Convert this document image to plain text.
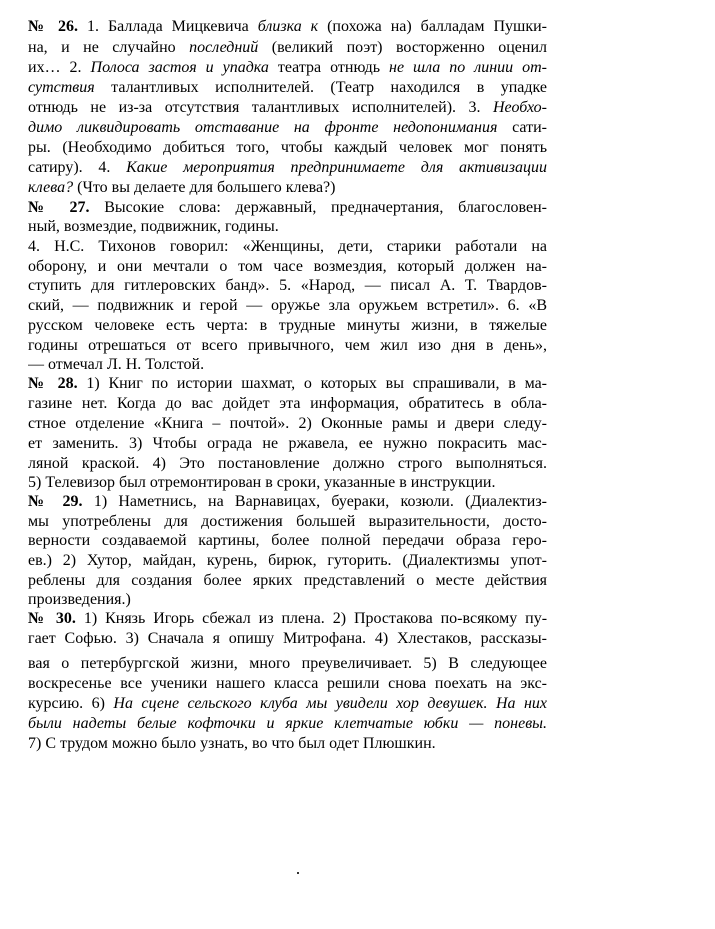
№ 26. 1. Баллада Мицкевича близка к (похожа на) балладам Пушки-
на, и не случайно последний (великий поэт) восторженно оценил
их… 2. Полоса застоя и упадка театра отнюдь не шла по линии от-
сутствия талантливых исполнителей. (Театр находился в упадке
отнюдь не из-за отсутствия талантливых исполнителей). 3. Необхо-
димо ликвидировать отставание на фронте недопонимания сати-
ры. (Необходимо добиться того, чтобы каждый человек мог понять
сатиру). 4. Какие мероприятия предпринимаете для активизации
клева? (Что вы делаете для большего клева?)
№ 27. Высокие слова: державный, предначертания, благословен-
ный, возмездие, подвижник, годины.
4. Н.С. Тихонов говорил: «Женщины, дети, старики работали на
оборону, и они мечтали о том часе возмездия, который должен на-
ступить для гитлеровских банд». 5. «Народ, — писал А. Т. Твардов-
ский, — подвижник и герой — оружье зла оружьем встретил». 6. «В
русском человеке есть черта: в трудные минуты жизни, в тяжелые
годины отрешаться от всего привычного, чем жил изо дня в день»,
— отмечал Л. Н. Толстой.
№ 28. 1) Книг по истории шахмат, о которых вы спрашивали, в ма-
газине нет. Когда до вас дойдет эта информация, обратитесь в обла-
стное отделение «Книга – почтой». 2) Оконные рамы и двери следу-
ет заменить. 3) Чтобы ограда не ржавела, ее нужно покрасить мас-
ляной краской. 4) Это постановление должно строго выполняться.
5) Телевизор был отремонтирован в сроки, указанные в инструкции.
№ 29. 1) Наметнись, на Варнавицах, буераки, козюли. (Диалектиз-
мы употреблены для достижения большей выразительности, досто-
верности создаваемой картины, более полной передачи образа геро-
ев.) 2) Хутор, майдан, курень, бирюк, гуторить. (Диалектизмы упот-
реблены для создания более ярких представлений о месте действия
произведения.)
№ 30. 1) Князь Игорь сбежал из плена. 2) Простакова по-всякому пу-
гает Софью. 3) Сначала я опишу Митрофана. 4) Хлестаков, рассказы-
вая о петербургской жизни, много преувеличивает. 5) В следующее
воскресенье все ученики нашего класса решили снова поехать на экс-
курсию. 6) На сцене сельского клуба мы увидели хор девушек. На них
были надеты белые кофточки и яркие клетчатые юбки — поневы.
7) С трудом можно было узнать, во что был одет Плюшкин.
